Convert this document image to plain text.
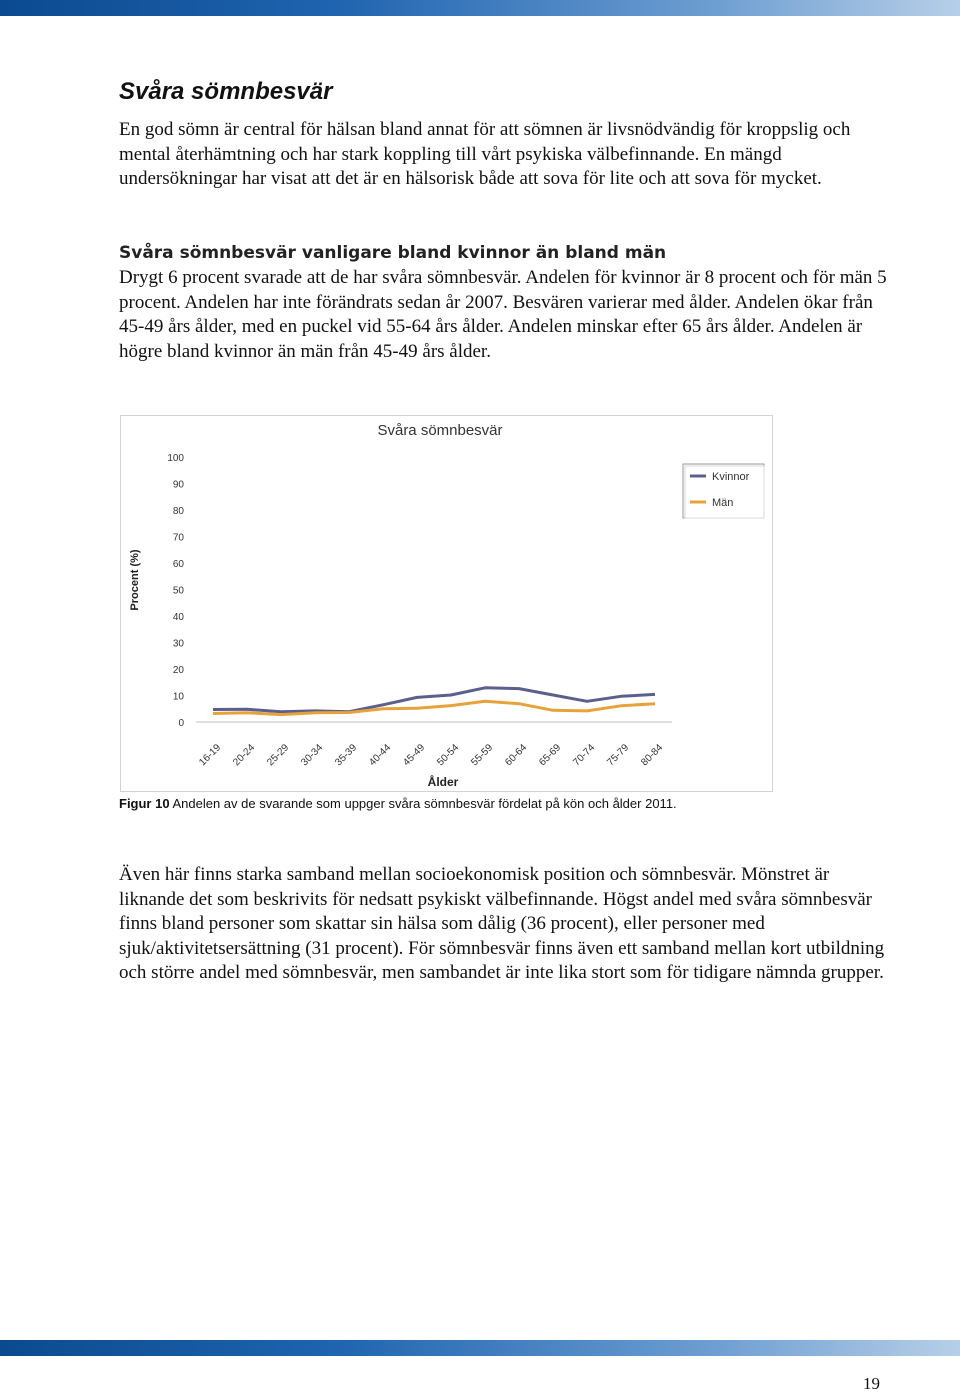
Svåra sömnbesvär

En god sömn är central för hälsan bland annat för att sömnen är livsnödvändig för kroppslig och mental återhämtning och har stark koppling till vårt psykiska välbefinnande. En mängd undersökningar har visat att det är en hälsorisk både att sova för lite och att sova för mycket.

Svåra sömnbesvär vanligare bland kvinnor än bland män

Drygt 6 procent svarade att de har svåra sömnbesvär. Andelen för kvinnor är 8 procent och för män 5 procent. Andelen har inte förändrats sedan år 2007. Besvären varierar med ålder. Andelen ökar från 45-49 års ålder, med en puckel vid 55-64 års ålder. Andelen minskar efter 65 års ålder. Andelen är högre bland kvinnor än män från 45-49 års ålder.

Svåra sömnbesvär
0
10
20
30
40
50
60
70
80
90
100
Procent (%)
16-19 20-24 25-29 30-34 35-39 40-44 45-49 50-54 55-59 60-64 65-69 70-74 75-79 80-84
Ålder
Kvinnor
Män

Figur 10 Andelen av de svarande som uppger svåra sömnbesvär fördelat på kön och ålder 2011.

Även här finns starka samband mellan socioekonomisk position och sömnbesvär. Mönstret är liknande det som beskrivits för nedsatt psykiskt välbefinnande. Högst andel med svåra sömnbesvär finns bland personer som skattar sin hälsa som dålig (36 procent), eller personer med sjuk/aktivitetsersättning (31 procent). För sömnbesvär finns även ett samband mellan kort utbildning och större andel med sömnbesvär, men sambandet är inte lika stort som för tidigare nämnda grupper.

19
